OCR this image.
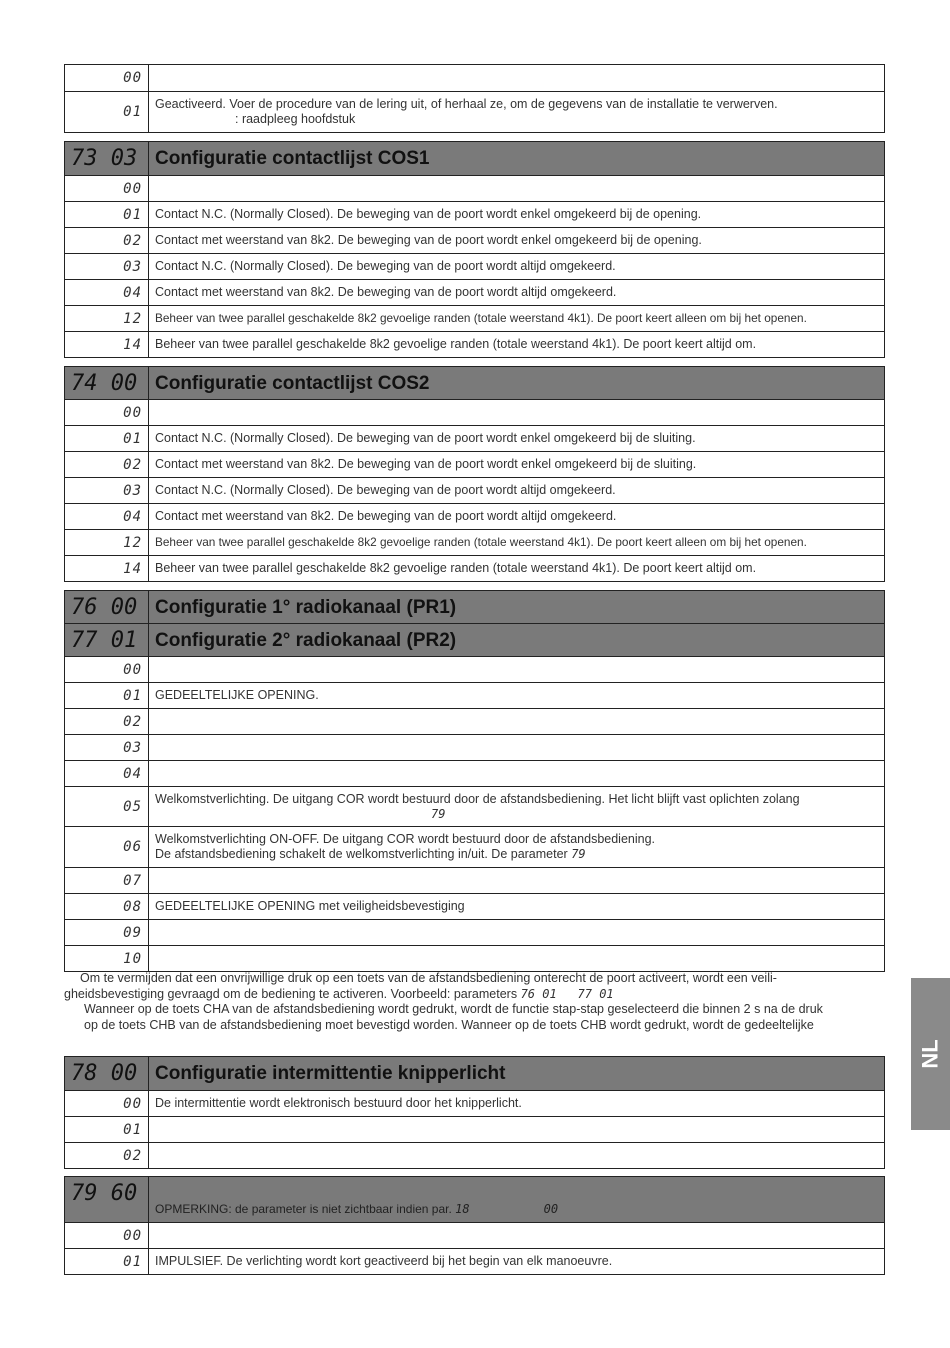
00
01	Geactiveerd. Voer de procedure van de lering uit, of herhaal ze, om de gegevens van de installatie te verwerven.
: raadpleeg hoofdstuk
73 03 Configuratie contactlijst COS1
00
01	Contact N.C. (Normally Closed). De beweging van de poort wordt enkel omgekeerd bij de opening.
02	Contact met weerstand van 8k2. De beweging van de poort wordt enkel omgekeerd bij de opening.
03	Contact N.C. (Normally Closed). De beweging van de poort wordt altijd omgekeerd.
04	Contact met weerstand van 8k2. De beweging van de poort wordt altijd omgekeerd.
12	Beheer van twee parallel geschakelde 8k2 gevoelige randen (totale weerstand 4k1). De poort keert alleen om bij het openen.
14	Beheer van twee parallel geschakelde 8k2 gevoelige randen (totale weerstand 4k1). De poort keert altijd om.
74 00 Configuratie contactlijst COS2
00
01	Contact N.C. (Normally Closed). De beweging van de poort wordt enkel omgekeerd bij de sluiting.
02	Contact met weerstand van 8k2. De beweging van de poort wordt enkel omgekeerd bij de sluiting.
03	Contact N.C. (Normally Closed). De beweging van de poort wordt altijd omgekeerd.
04	Contact met weerstand van 8k2. De beweging van de poort wordt altijd omgekeerd.
12	Beheer van twee parallel geschakelde 8k2 gevoelige randen (totale weerstand 4k1). De poort keert alleen om bij het openen.
14	Beheer van twee parallel geschakelde 8k2 gevoelige randen (totale weerstand 4k1). De poort keert altijd om.
76 00 Configuratie 1° radiokanaal (PR1)
77 01 Configuratie 2° radiokanaal (PR2)
00
01	GEDEELTELIJKE OPENING.
02
03
04
05	Welkomstverlichting. De uitgang COR wordt bestuurd door de afstandsbediening. Het licht blijft vast oplichten zolang
79
06	Welkomstverlichting ON-OFF. De uitgang COR wordt bestuurd door de afstandsbediening.
De afstandsbediening schakelt de welkomstverlichting in/uit. De parameter 79
07
08	GEDEELTELIJKE OPENING met veiligheidsbevestiging
09
10

Om te vermijden dat een onvrijwillige druk op een toets van de afstandsbediening onterecht de poort activeert, wordt een veili-

gheidsbevestiging gevraagd om de bediening te activeren. Voorbeeld: parameters 76 01 77 01

Wanneer op de toets CHA van de afstandsbediening wordt gedrukt, wordt de functie stap-stap geselecteerd die binnen 2 s na de druk

op de toets CHB van de afstandsbediening moet bevestigd worden. Wanneer op de toets CHB wordt gedrukt, wordt de gedeeltelijke

78 00 Configuratie intermittentie knipperlicht
00	De intermittentie wordt elektronisch bestuurd door het knipperlicht.
01
02
79 60
OPMERKING: de parameter is niet zichtbaar indien par. 18	00
00
01	IMPULSIEF. De verlichting wordt kort geactiveerd bij het begin van elk manoeuvre.
NL
